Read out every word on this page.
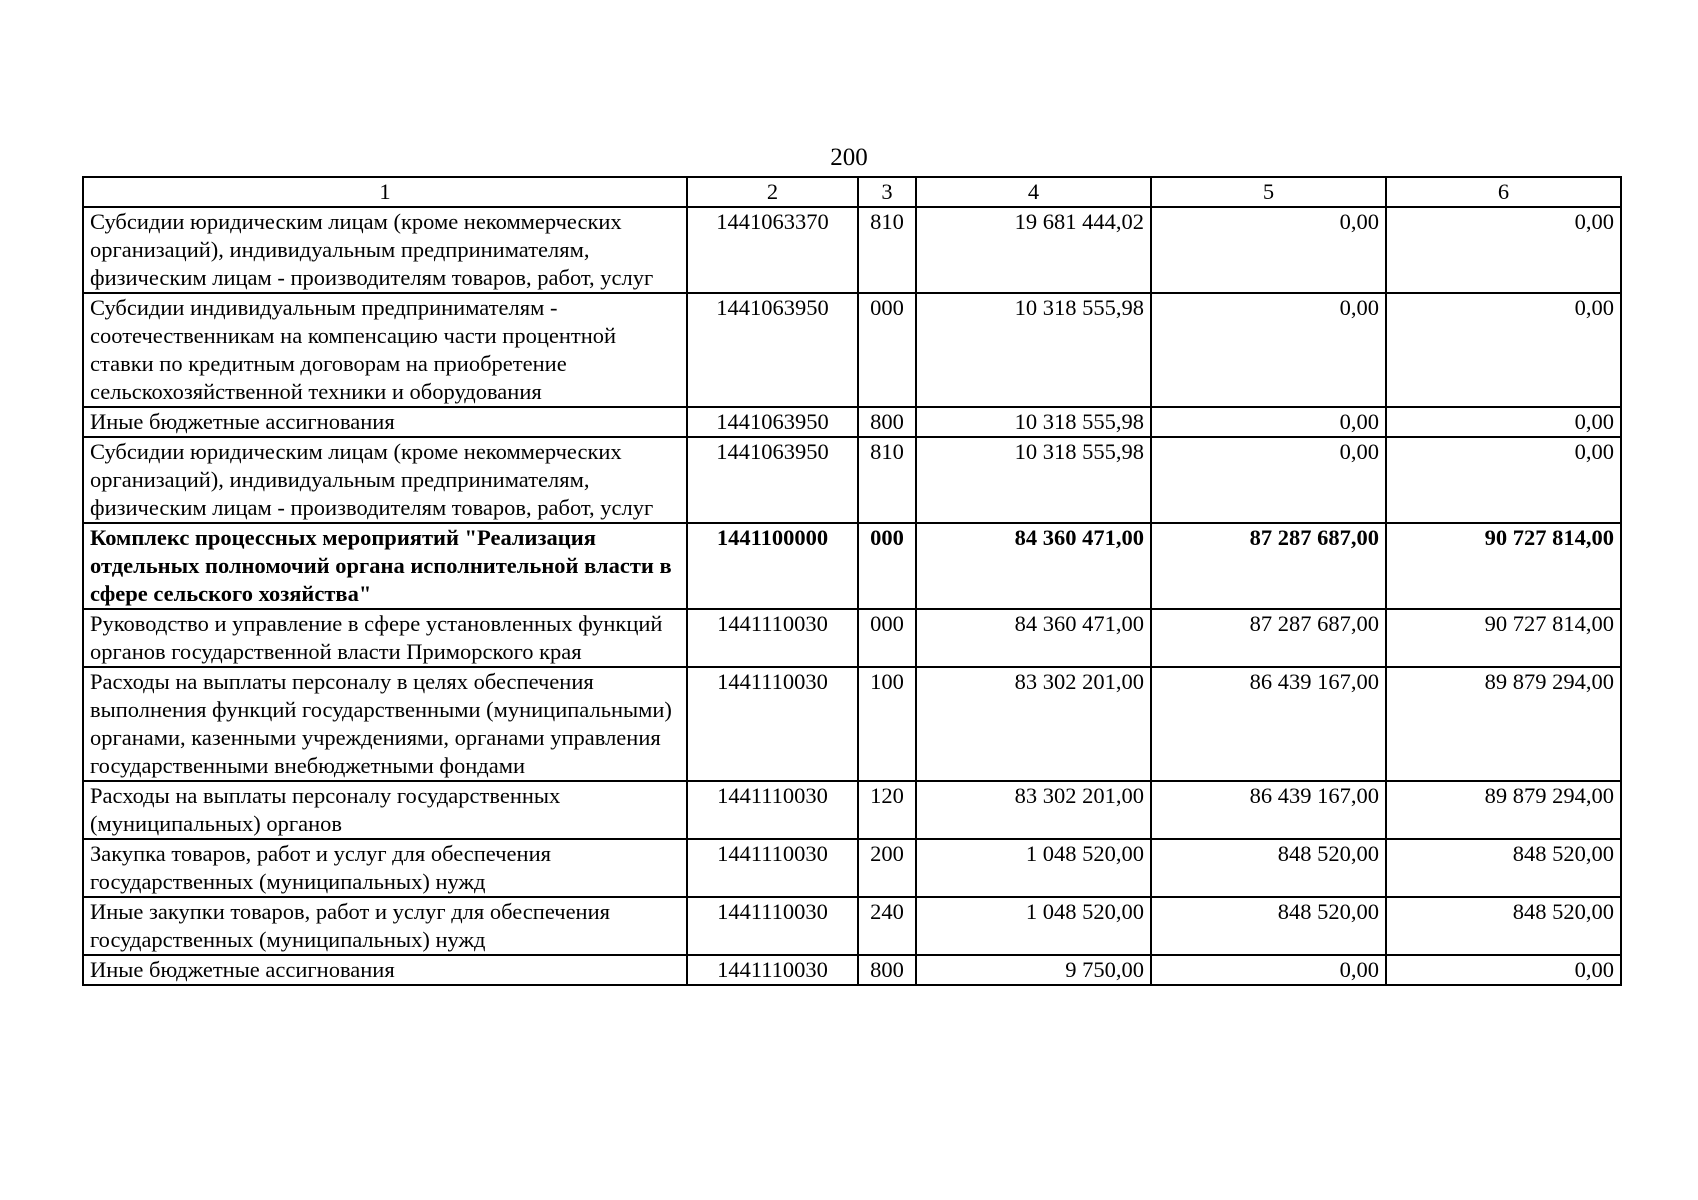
200
1	2	3	4	5	6
Субсидии юридическим лицам (кроме некоммерческих организаций), индивидуальным предпринимателям, физическим лицам - производителям товаров, работ, услуг	1441063370	810	19 681 444,02	0,00	0,00
Субсидии индивидуальным предпринимателям - соотечественникам на компенсацию части процентной ставки по кредитным договорам на приобретение сельскохозяйственной техники и оборудования	1441063950	000	10 318 555,98	0,00	0,00
Иные бюджетные ассигнования	1441063950	800	10 318 555,98	0,00	0,00
Субсидии юридическим лицам (кроме некоммерческих организаций), индивидуальным предпринимателям, физическим лицам - производителям товаров, работ, услуг	1441063950	810	10 318 555,98	0,00	0,00
Комплекс процессных мероприятий "Реализация отдельных полномочий органа исполнительной власти в сфере сельского хозяйства"	1441100000	000	84 360 471,00	87 287 687,00	90 727 814,00
Руководство и управление в сфере установленных функций органов государственной власти Приморского края	1441110030	000	84 360 471,00	87 287 687,00	90 727 814,00
Расходы на выплаты персоналу в целях обеспечения выполнения функций государственными (муниципальными) органами, казенными учреждениями, органами управления государственными внебюджетными фондами	1441110030	100	83 302 201,00	86 439 167,00	89 879 294,00
Расходы на выплаты персоналу государственных (муниципальных) органов	1441110030	120	83 302 201,00	86 439 167,00	89 879 294,00
Закупка товаров, работ и услуг для обеспечения государственных (муниципальных) нужд	1441110030	200	1 048 520,00	848 520,00	848 520,00
Иные закупки товаров, работ и услуг для обеспечения государственных (муниципальных) нужд	1441110030	240	1 048 520,00	848 520,00	848 520,00
Иные бюджетные ассигнования	1441110030	800	9 750,00	0,00	0,00
